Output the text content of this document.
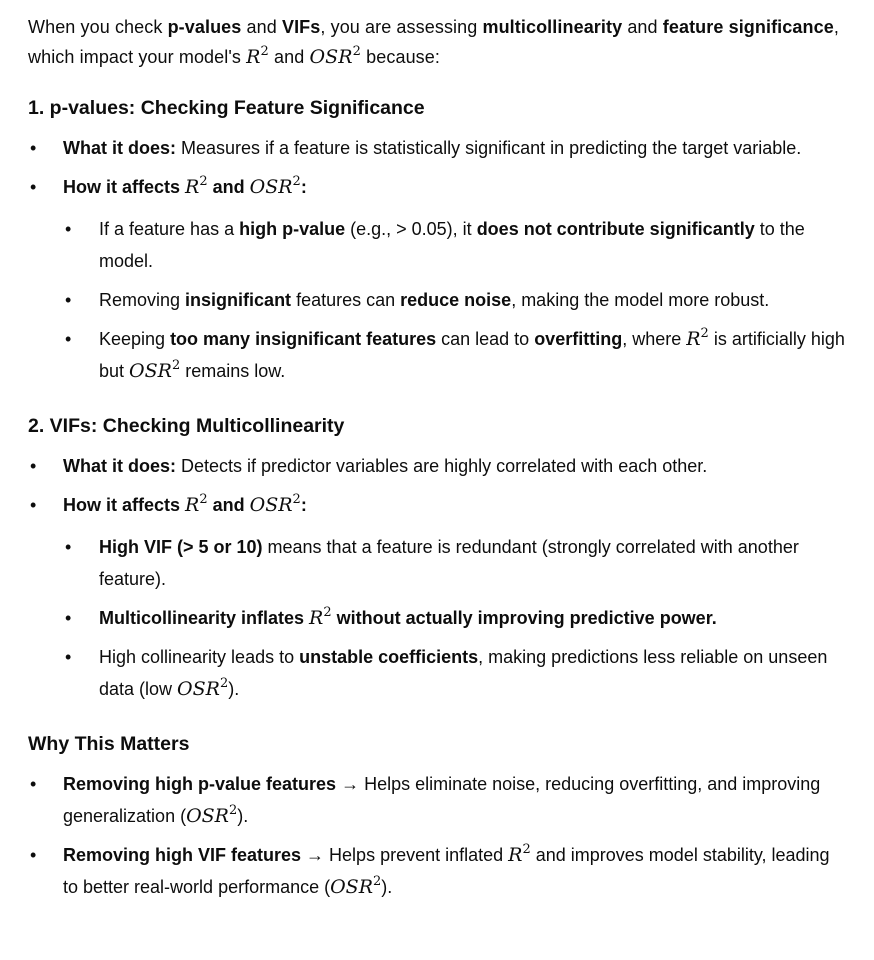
When you check p-values and VIFs, you are assessing multicollinearity and feature significance, which impact your model's $R^2$ and OSR$^2$ because:

1. p-values: Checking Feature Significance
• What it does: Measures if a feature is statistically significant in predicting the target variable.
• How it affects $R^2$ and OSR$^2$:
• If a feature has a high p-value (e.g., > 0.05), it does not contribute significantly to the model.
• Removing insignificant features can reduce noise, making the model more robust.
• Keeping too many insignificant features can lead to overfitting, where $R^2$ is artificially high but OSR$^2$ remains low.
2. VIFs: Checking Multicollinearity
• What it does: Detects if predictor variables are highly correlated with each other.
• How it affects $R^2$ and OSR$^2$:
• High VIF (> 5 or 10) means that a feature is redundant (strongly correlated with another feature).
• Multicollinearity inflates $R^2$ without actually improving predictive power.
• High collinearity leads to unstable coefficients, making predictions less reliable on unseen data (low OSR$^2$).
Why This Matters
• Removing high p-value features → Helps eliminate noise, reducing overfitting, and improving generalization (OSR$^2$).
• Removing high VIF features → Helps prevent inflated $R^2$ and improves model stability, leading to better real-world performance (OSR$^2$).
